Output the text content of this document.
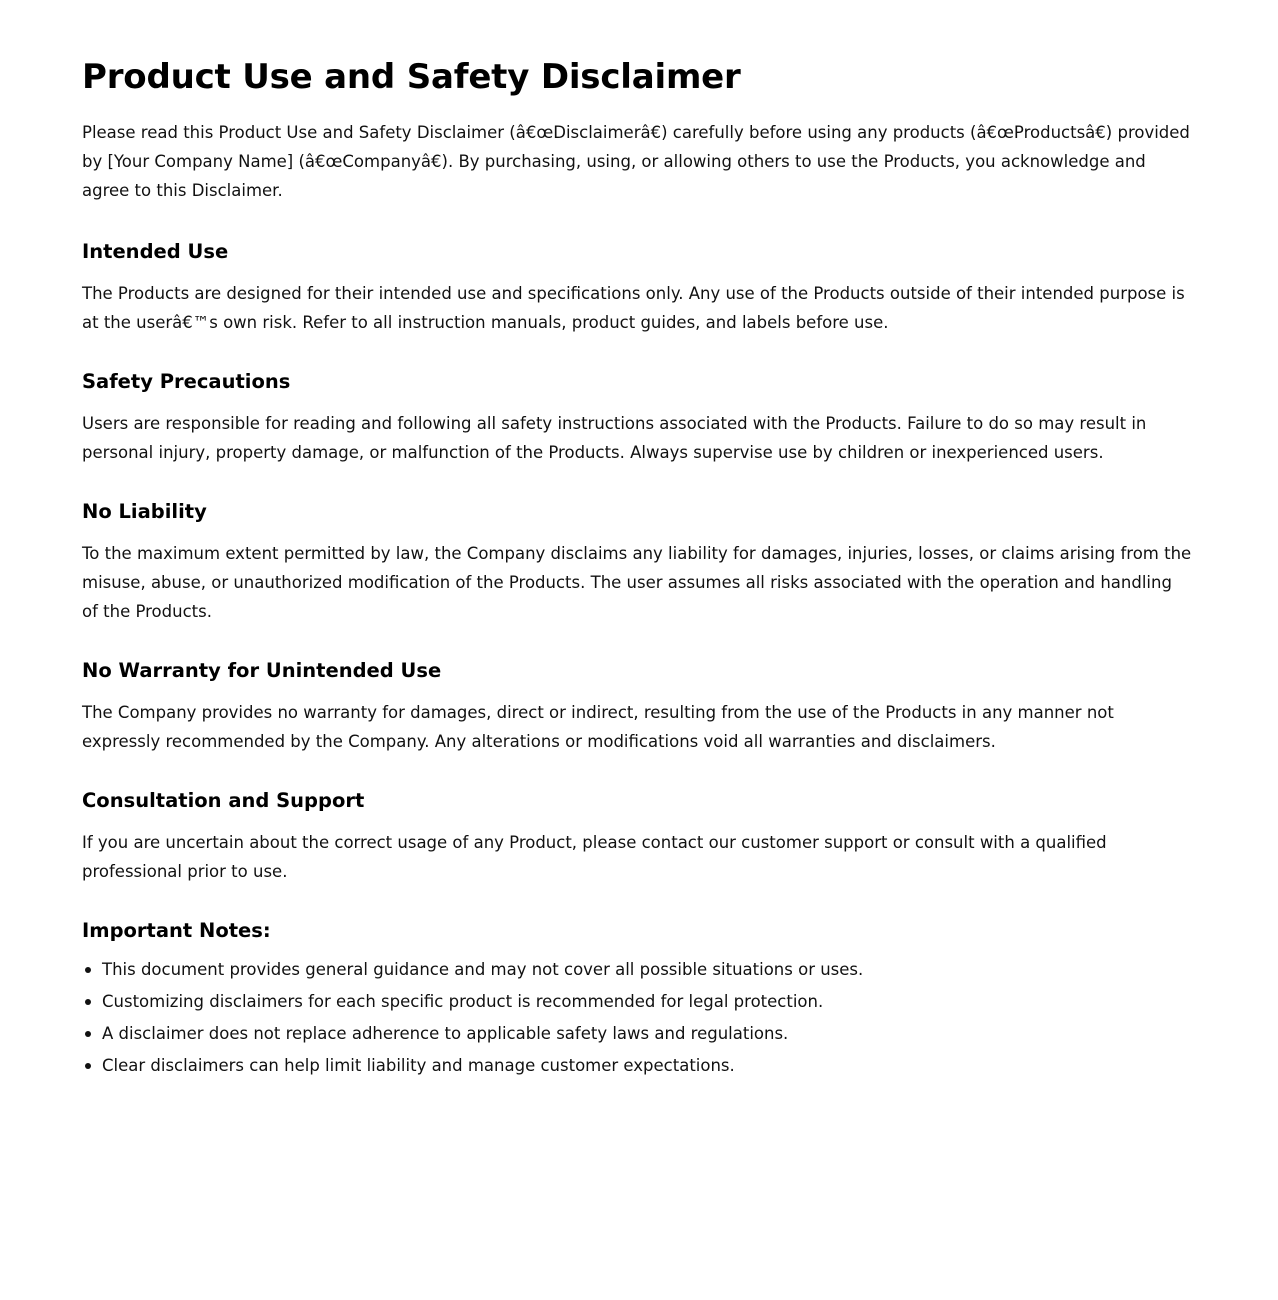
Product Use and Safety Disclaimer

Please read this Product Use and Safety Disclaimer (â€œDisclaimerâ€) carefully before using any products (â€œProductsâ€) provided by [Your Company Name] (â€œCompanyâ€). By purchasing, using, or allowing others to use the Products, you acknowledge and agree to this Disclaimer.

Intended Use

The Products are designed for their intended use and specifications only. Any use of the Products outside of their intended purpose is at the userâ€™s own risk. Refer to all instruction manuals, product guides, and labels before use.

Safety Precautions

Users are responsible for reading and following all safety instructions associated with the Products. Failure to do so may result in personal injury, property damage, or malfunction of the Products. Always supervise use by children or inexperienced users.

No Liability

To the maximum extent permitted by law, the Company disclaims any liability for damages, injuries, losses, or claims arising from the misuse, abuse, or unauthorized modification of the Products. The user assumes all risks associated with the operation and handling of the Products.

No Warranty for Unintended Use

The Company provides no warranty for damages, direct or indirect, resulting from the use of the Products in any manner not expressly recommended by the Company. Any alterations or modifications void all warranties and disclaimers.

Consultation and Support

If you are uncertain about the correct usage of any Product, please contact our customer support or consult with a qualified professional prior to use.

Important Notes:
This document provides general guidance and may not cover all possible situations or uses.
Customizing disclaimers for each specific product is recommended for legal protection.
A disclaimer does not replace adherence to applicable safety laws and regulations.
Clear disclaimers can help limit liability and manage customer expectations.
